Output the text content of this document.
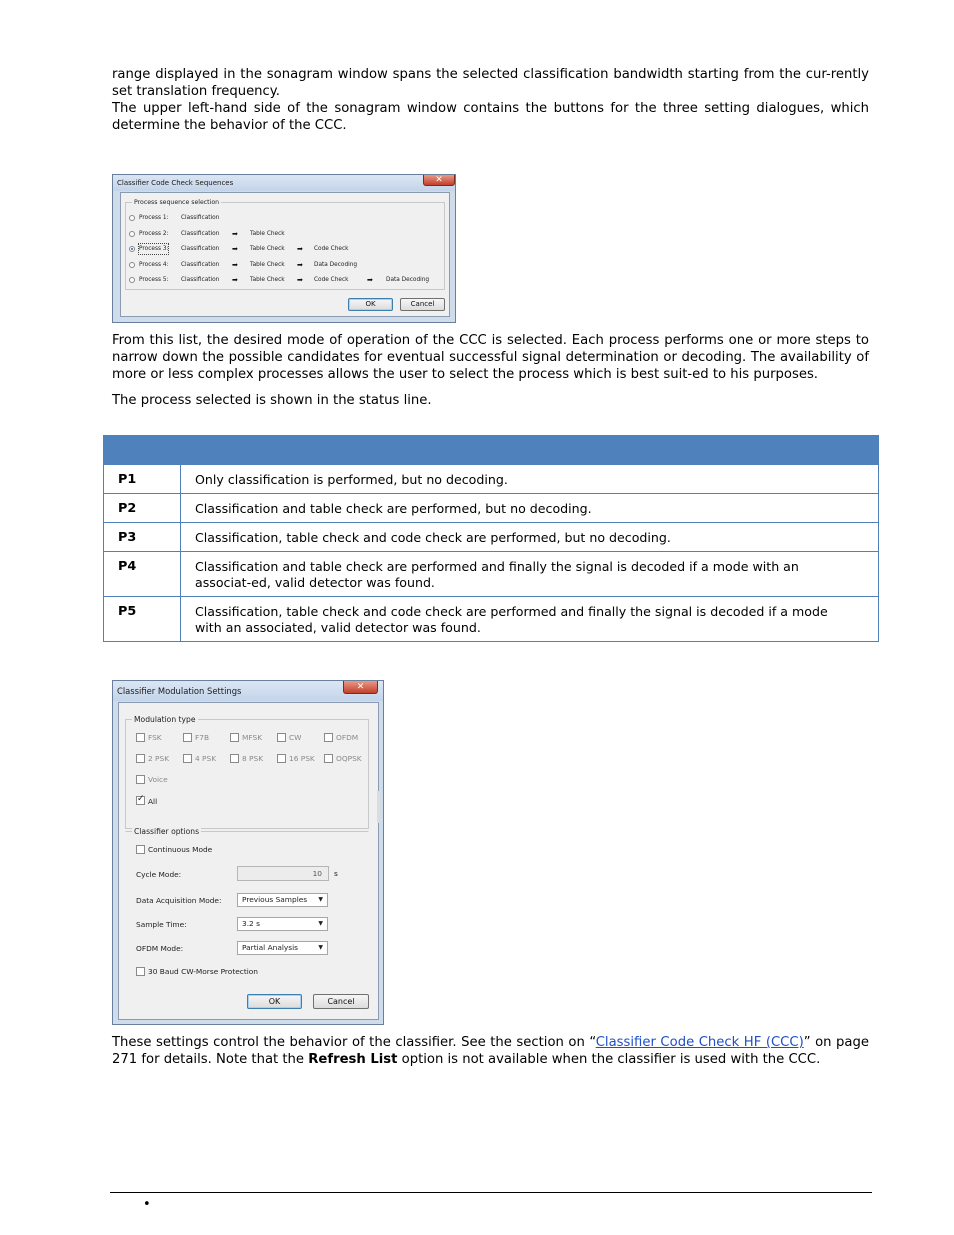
range displayed in the sonagram window spans the selected classification bandwidth starting from the cur-rently set translation frequency.

The upper left-hand side of the sonagram window contains the buttons for the three setting dialogues, which determine the behavior of the CCC.

Classifier Code Check Sequences	✕
Process sequence selection
Process 1: Classification
Process 2: Classification ➡ Table Check
Process 3: Classification ➡ Table Check ➡ Code Check
Process 4: Classification ➡ Table Check ➡ Data Decoding
Process 5: Classification ➡ Table Check ➡ Code Check	➡ Data Decoding
OK	Cancel

From this list, the desired mode of operation of the CCC is selected. Each process performs one or more steps to narrow down the possible candidates for eventual successful signal determination or decoding. The availability of more or less complex processes allows the user to select the process which is best suit-ed to his purposes.

The process selected is shown in the status line.

P1	Only classification is performed, but no decoding.
P2	Classification and table check are performed, but no decoding.
P3	Classification, table check and code check are performed, but no decoding.
P4	Classification and table check are performed and finally the signal is decoded if a mode with an associat-ed, valid detector was found.
P5	Classification, table check and code check are performed and finally the signal is decoded if a mode with an associated, valid detector was found.
Classifier Modulation Settings	✕
Modulation type
FSK	F7B	MFSK	CW	OFDM
2 PSK	4 PSK	8 PSK	16 PSK	OQPSK
Voice
✓
All
Classifier options
Continuous Mode
Cycle Mode:	10	s
Data Acquisition Mode:	Previous Samples ▼
Sample Time:	3.2 s	▼
OFDM Mode:	Partial Analysis	▼
30 Baud CW-Morse Protection
OK	Cancel

These settings control the behavior of the classifier. See the section on “Classifier Code Check HF (CCC)” on page 271 for details. Note that the Refresh List option is not available when the classifier is used with the CCC.

•
